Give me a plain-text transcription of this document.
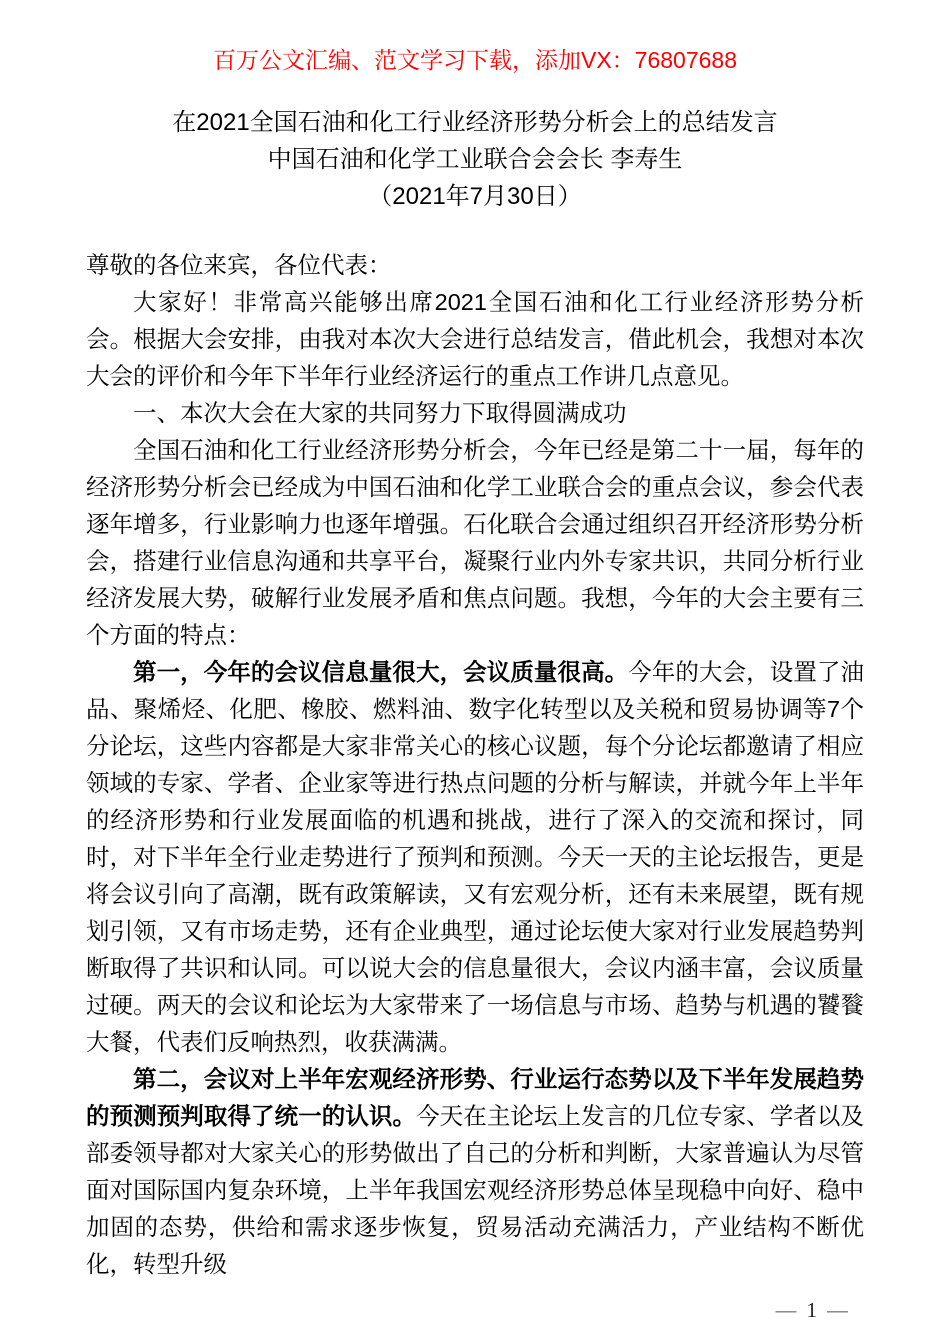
百万公文汇编、范文学习下载，添加VX：76807688

在2021全国石油和化工行业经济形势分析会上的总结发言

中国石油和化学工业联合会会长 李寿生

（2021年7月30日）

尊敬的各位来宾，各位代表：

大家好！非常高兴能够出席2021全国石油和化工行业经济形势分析会。根据大会安排，由我对本次大会进行总结发言，借此机会，我想对本次大会的评价和今年下半年行业经济运行的重点工作讲几点意见。

一、本次大会在大家的共同努力下取得圆满成功

全国石油和化工行业经济形势分析会，今年已经是第二十一届，每年的经济形势分析会已经成为中国石油和化学工业联合会的重点会议，参会代表逐年增多，行业影响力也逐年增强。石化联合会通过组织召开经济形势分析会，搭建行业信息沟通和共享平台，凝聚行业内外专家共识，共同分析行业经济发展大势，破解行业发展矛盾和焦点问题。我想，今年的大会主要有三个方面的特点：

第一，今年的会议信息量很大，会议质量很高。今年的大会，设置了油品、聚烯烃、化肥、橡胶、燃料油、数字化转型以及关税和贸易协调等7个分论坛，这些内容都是大家非常关心的核心议题，每个分论坛都邀请了相应领域的专家、学者、企业家等进行热点问题的分析与解读，并就今年上半年的经济形势和行业发展面临的机遇和挑战，进行了深入的交流和探讨，同时，对下半年全行业走势进行了预判和预测。今天一天的主论坛报告，更是将会议引向了高潮，既有政策解读，又有宏观分析，还有未来展望，既有规划引领，又有市场走势，还有企业典型，通过论坛使大家对行业发展趋势判断取得了共识和认同。可以说大会的信息量很大，会议内涵丰富，会议质量过硬。两天的会议和论坛为大家带来了一场信息与市场、趋势与机遇的饕餮大餐，代表们反响热烈，收获满满。

第二，会议对上半年宏观经济形势、行业运行态势以及下半年发展趋势的预测预判取得了统一的认识。今天在主论坛上发言的几位专家、学者以及部委领导都对大家关心的形势做出了自己的分析和判断，大家普遍认为尽管面对国际国内复杂环境，上半年我国宏观经济形势总体呈现稳中向好、稳中加固的态势，供给和需求逐步恢复，贸易活动充满活力，产业结构不断优化，转型升级

— 1 —
